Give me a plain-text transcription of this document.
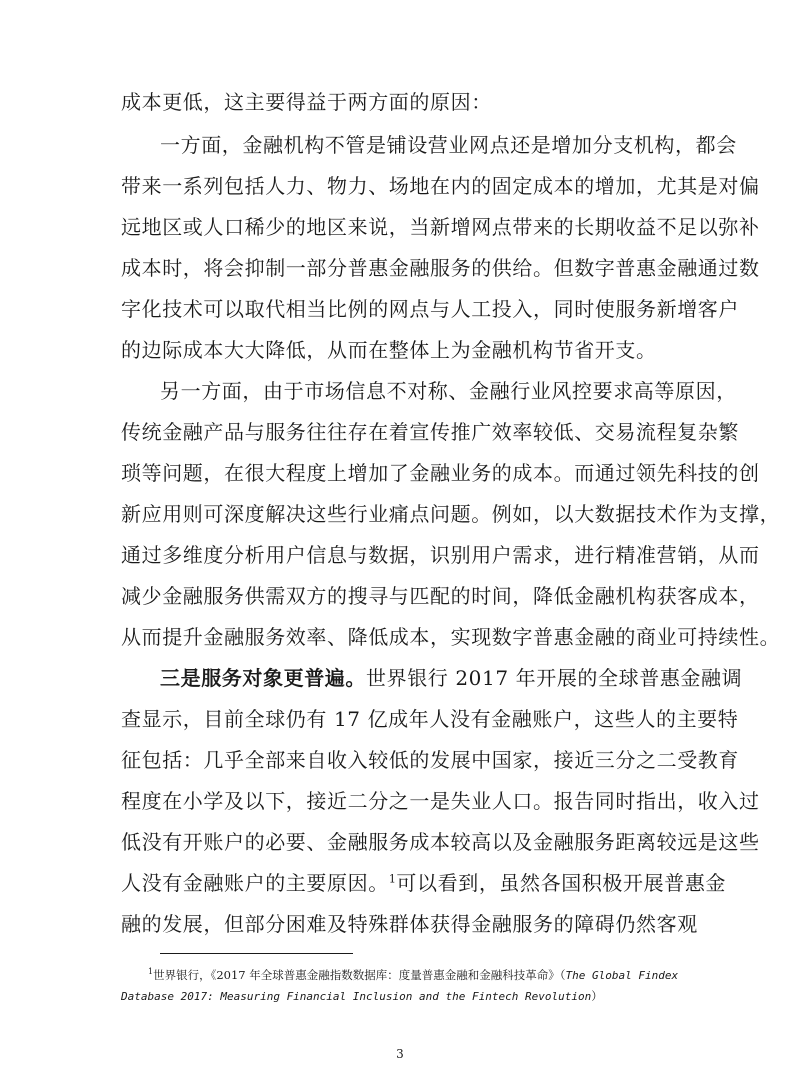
成本更低，这主要得益于两方面的原因：
一方面，金融机构不管是铺设营业网点还是增加分支机构，都会
带来一系列包括人力、物力、场地在内的固定成本的增加，尤其是对偏
远地区或人口稀少的地区来说，当新增网点带来的长期收益不足以弥补
成本时，将会抑制一部分普惠金融服务的供给。但数字普惠金融通过数
字化技术可以取代相当比例的网点与人工投入，同时使服务新增客户
的边际成本大大降低，从而在整体上为金融机构节省开支。
另一方面，由于市场信息不对称、金融行业风控要求高等原因，
传统金融产品与服务往往存在着宣传推广效率较低、交易流程复杂繁
琐等问题，在很大程度上增加了金融业务的成本。而通过领先科技的创
新应用则可深度解决这些行业痛点问题。例如，以大数据技术作为支撑，
通过多维度分析用户信息与数据，识别用户需求，进行精准营销，从而
减少金融服务供需双方的搜寻与匹配的时间，降低金融机构获客成本，
从而提升金融服务效率、降低成本，实现数字普惠金融的商业可持续性。
三是服务对象更普遍。世界银行 2017 年开展的全球普惠金融调
查显示，目前全球仍有 17 亿成年人没有金融账户，这些人的主要特
征包括：几乎全部来自收入较低的发展中国家，接近三分之二受教育
程度在小学及以下，接近二分之一是失业人口。报告同时指出，收入过
低没有开账户的必要、金融服务成本较高以及金融服务距离较远是这些
人没有金融账户的主要原因。$^1$可以看到，虽然各国积极开展普惠金
融的发展，但部分困难及特殊群体获得金融服务的障碍仍然客观
$^1$世界银行，《2017 年全球普惠金融指数数据库：度量普惠金融和金融科技革命》（The Global Findex
Database 2017: Measuring Financial Inclusion and the Fintech Revolution）
3
